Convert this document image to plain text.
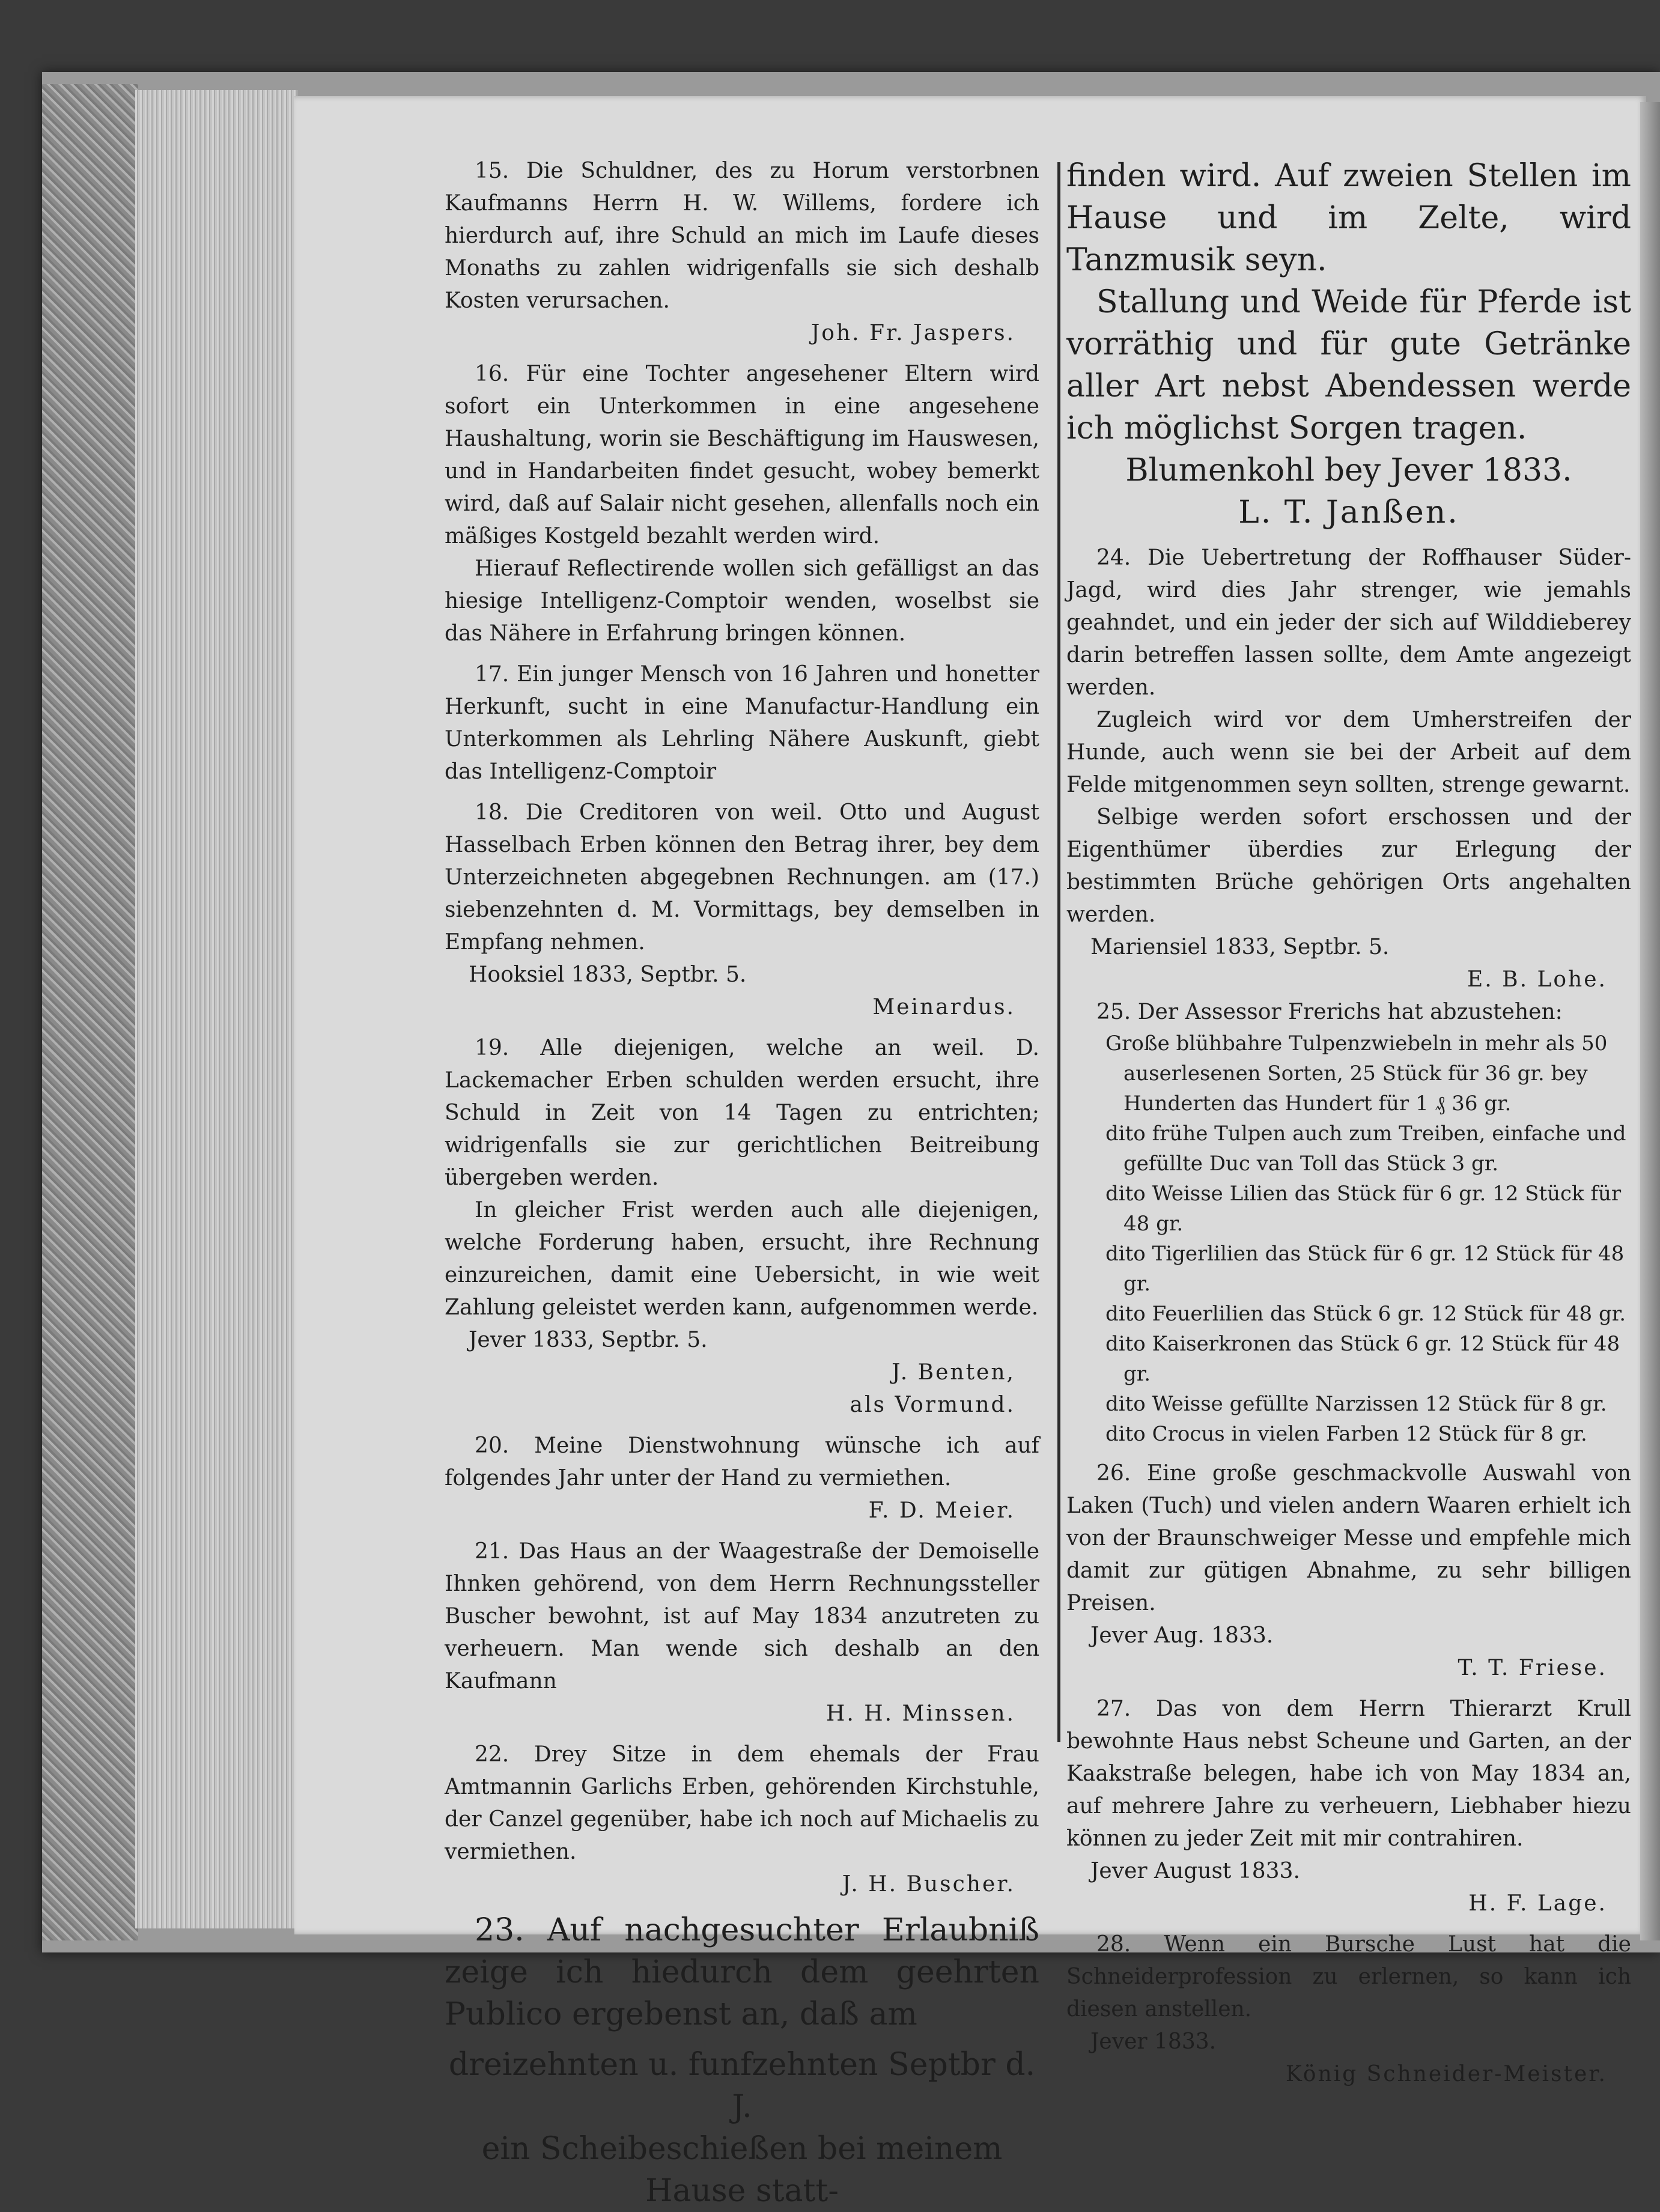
15. Die Schuldner, des zu Horum verstorbnen Kaufmanns Herrn H. W. Willems, fordere ich hierdurch auf, ihre Schuld an mich im Laufe dieses Monaths zu zahlen widrigenfalls sie sich deshalb Kosten verursachen.

Joh. Fr. Jaspers.

16. Für eine Tochter angesehener Eltern wird sofort ein Unterkommen in eine angesehene Haushaltung, worin sie Beschäftigung im Hauswesen, und in Handarbeiten findet gesucht, wobey bemerkt wird, daß auf Salair nicht gesehen, allenfalls noch ein mäßiges Kostgeld bezahlt werden wird.

Hierauf Reflectirende wollen sich gefälligst an das hiesige Intelligenz-Comptoir wenden, woselbst sie das Nähere in Erfahrung bringen können.

17. Ein junger Mensch von 16 Jahren und honetter Herkunft, sucht in eine Manufactur-Handlung ein Unterkommen als Lehrling Nähere Auskunft, giebt das Intelligenz-Comptoir

18. Die Creditoren von weil. Otto und August Hasselbach Erben können den Betrag ihrer, bey dem Unterzeichneten abgegebnen Rechnungen. am (17.) siebenzehnten d. M. Vormittags, bey demselben in Empfang nehmen.

Hooksiel 1833, Septbr. 5.

Meinardus.

19. Alle diejenigen, welche an weil. D. Lackemacher Erben schulden werden ersucht, ihre Schuld in Zeit von 14 Tagen zu entrichten; widrigenfalls sie zur gerichtlichen Beitreibung übergeben werden.

In gleicher Frist werden auch alle diejenigen, welche Forderung haben, ersucht, ihre Rechnung einzureichen, damit eine Uebersicht, in wie weit Zahlung geleistet werden kann, aufgenommen werde.

Jever 1833, Septbr. 5.

J. Benten,

als Vormund.

20. Meine Dienstwohnung wünsche ich auf folgendes Jahr unter der Hand zu vermiethen.

F. D. Meier.

21. Das Haus an der Waagestraße der Demoiselle Ihnken gehörend, von dem Herrn Rechnungssteller Buscher bewohnt, ist auf May 1834 anzutreten zu verheuern. Man wende sich deshalb an den Kaufmann

H. H. Minssen.

22. Drey Sitze in dem ehemals der Frau Amtmannin Garlichs Erben, gehörenden Kirchstuhle, der Canzel gegenüber, habe ich noch auf Michaelis zu vermiethen.

J. H. Buscher.

23. Auf nachgesuchter Erlaubniß zeige ich hiedurch dem geehrten Publico ergebenst an, daß am

dreizehnten u. funfzehnten Septbr d. J.

ein Scheibeschießen bei meinem Hause statt-

finden wird. Auf zweien Stellen im Hause und im Zelte, wird Tanzmusik seyn.

Stallung und Weide für Pferde ist vorräthig und für gute Getränke aller Art nebst Abendessen werde ich möglichst Sorgen tragen.

Blumenkohl bey Jever 1833.

L. T. Janßen.

24. Die Uebertretung der Roffhauser Süder-Jagd, wird dies Jahr strenger, wie jemahls geahndet, und ein jeder der sich auf Wilddieberey darin betreffen lassen sollte, dem Amte angezeigt werden.

Zugleich wird vor dem Umherstreifen der Hunde, auch wenn sie bei der Arbeit auf dem Felde mitgenommen seyn sollten, strenge gewarnt.

Selbige werden sofort erschossen und der Eigenthümer überdies zur Erlegung der bestimmten Brüche gehörigen Orts angehalten werden.

Mariensiel 1833, Septbr. 5.

E. B. Lohe.

25. Der Assessor Frerichs hat abzustehen:

Große blühbahre Tulpenzwiebeln in mehr als 50 auserlesenen Sorten, 25 Stück für 36 gr. bey Hunderten das Hundert für 1 ₰ 36 gr.

dito frühe Tulpen auch zum Treiben, einfache und gefüllte Duc van Toll das Stück 3 gr.

dito Weisse Lilien das Stück für 6 gr. 12 Stück für 48 gr.

dito Tigerlilien das Stück für 6 gr. 12 Stück für 48 gr.

dito Feuerlilien das Stück 6 gr. 12 Stück für 48 gr.

dito Kaiserkronen das Stück 6 gr. 12 Stück für 48 gr.

dito Weisse gefüllte Narzissen 12 Stück für 8 gr.

dito Crocus in vielen Farben 12 Stück für 8 gr.

26. Eine große geschmackvolle Auswahl von Laken (Tuch) und vielen andern Waaren erhielt ich von der Braunschweiger Messe und empfehle mich damit zur gütigen Abnahme, zu sehr billigen Preisen.

Jever Aug. 1833.

T. T. Friese.

27. Das von dem Herrn Thierarzt Krull bewohnte Haus nebst Scheune und Garten, an der Kaakstraße belegen, habe ich von May 1834 an, auf mehrere Jahre zu verheuern, Liebhaber hiezu können zu jeder Zeit mit mir contrahiren.

Jever August 1833.

H. F. Lage.

28. Wenn ein Bursche Lust hat die Schneiderprofession zu erlernen, so kann ich diesen anstellen.

Jever 1833.

König Schneider-Meister.
